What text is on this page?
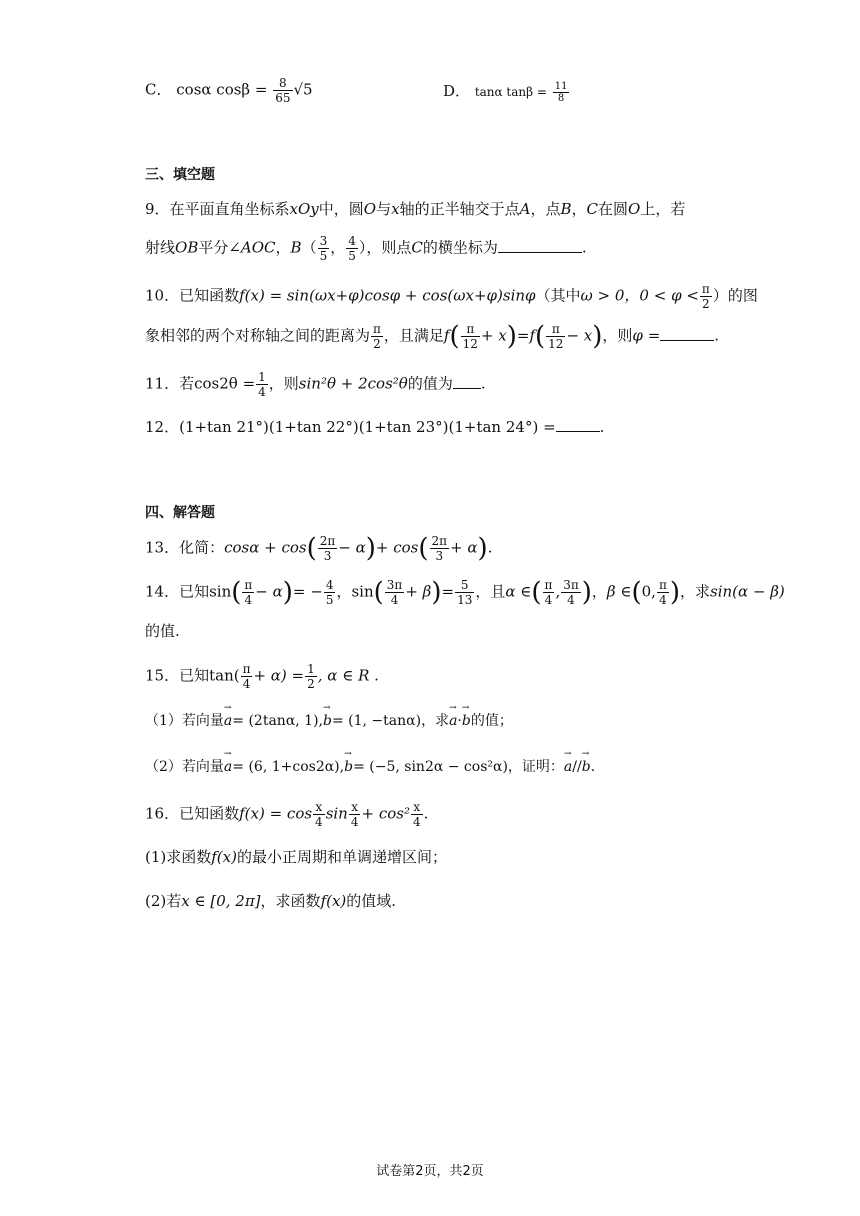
C． cosα $\cos\beta = \frac{8}{65} √5$	D． tanα $\tan\beta = \frac{11}{8}$
三、填空题
9．在平面直角坐标系xOy中，圆O与x轴的正半轴交于点A，点B，C在圆O上，若
射线OB平分∠AOC，$B( \frac{3}{5}$ ， $\frac{4}{5}$ ），则点C的横坐标为	.
10．已知函数f(x) = sin(ωx+φ)cosφ + cos(ωx+φ)sinφ（其中ω > 0，$0 < \varphi < \frac{\pi}{2}$ ）的图
象相邻的两个对称轴之间的距离为 $\frac{\pi}{2}$ ，且满足$f( \frac{\pi}{12} + x)=f( \frac{\pi}{12} - x)$，则φ =	.
11．若$\cos 2\theta = \frac{1}{4}$ ，则sin²θ + 2cos²θ的值为 .
12．(1+tan 21°)(1+tan 22°)(1+tan 23°)(1+tan 24°) =	.
四、解答题
13．化简：$\cos\alpha + \cos( \frac{2\pi}{3} - \alpha)+ \cos( \frac{2\pi}{3} + \alpha)$.
14．已知$\sin( \frac{\pi}{4} - \alpha)= - \frac{4}{5}$ ，$\sin( \frac{3\pi}{4} + \beta)= \frac{5}{13}$ ，且α ∈( $\frac{\pi}{4}$ , $\frac{3\pi}{4}$ )，β ∈(0, $\frac{\pi}{4}$ )，求sin(α − β)
的值.
15．已知$\tan( \frac{\pi}{4} + \alpha) = \frac{1}{2}$ , α ∈ R .
（1）若向量→ a= (2tanα, 1),→ b= (1, −tanα)，求→ a·→ b的值；
（2）若向量→ a= (6, 1+cos2α),→ b= (−5, sin2α − cos²α)，证明：→ a//→ b.
16．已知函数$f(x) = \cos \frac{x}{4}$ $\sin \frac{x}{4} + \cos^2 \frac{x}{4}$ .
(1)求函数f(x)的最小正周期和单调递增区间；
(2)若x ∈ [0, 2π]，求函数f(x)的值域.
试卷第2页，共2页
